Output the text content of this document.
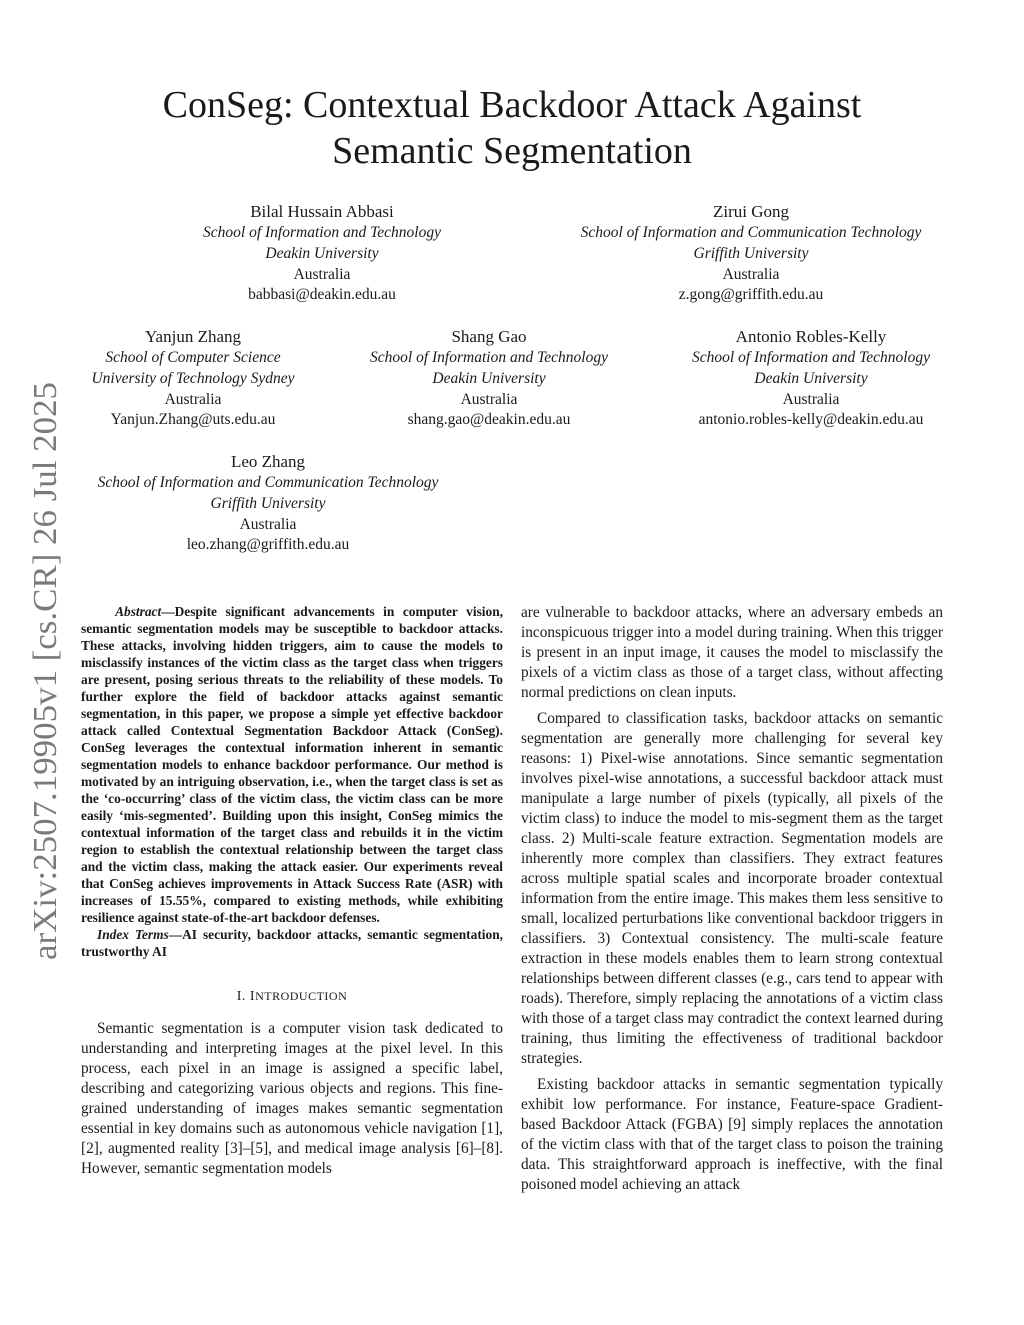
arXiv:2507.19905v1 [cs.CR] 26 Jul 2025
ConSeg: Contextual Backdoor Attack Against
Semantic Segmentation
Bilal Hussain Abbasi
School of Information and Technology
Deakin University
Australia
babbasi@deakin.edu.au
Zirui Gong
School of Information and Communication Technology
Griffith University
Australia
z.gong@griffith.edu.au
Yanjun Zhang
School of Computer Science
University of Technology Sydney
Australia
Yanjun.Zhang@uts.edu.au
Shang Gao
School of Information and Technology
Deakin University
Australia
shang.gao@deakin.edu.au
Antonio Robles-Kelly
School of Information and Technology
Deakin University
Australia
antonio.robles-kelly@deakin.edu.au
Leo Zhang
School of Information and Communication Technology
Griffith University
Australia
leo.zhang@griffith.edu.au

Abstract—Despite significant advancements in computer vision, semantic segmentation models may be susceptible to backdoor attacks. These attacks, involving hidden triggers, aim to cause the models to misclassify instances of the victim class as the target class when triggers are present, posing serious threats to the reliability of these models. To further explore the field of backdoor attacks against semantic segmentation, in this paper, we propose a simple yet effective backdoor attack called Contextual Segmentation Backdoor Attack (ConSeg). ConSeg leverages the contextual information inherent in semantic segmentation models to enhance backdoor performance. Our method is motivated by an intriguing observation, i.e., when the target class is set as the ‘co-occurring’ class of the victim class, the victim class can be more easily ‘mis-segmented’. Building upon this insight, ConSeg mimics the contextual information of the target class and rebuilds it in the victim region to establish the contextual relationship between the target class and the victim class, making the attack easier. Our experiments reveal that ConSeg achieves improvements in Attack Success Rate (ASR) with increases of 15.55%, compared to existing methods, while exhibiting resilience against state-of-the-art backdoor defenses.

Index Terms—AI security, backdoor attacks, semantic segmentation, trustworthy AI

I. INTRODUCTION

Semantic segmentation is a computer vision task dedicated to understanding and interpreting images at the pixel level. In this process, each pixel in an image is assigned a specific label, describing and categorizing various objects and regions. This fine-grained understanding of images makes semantic segmentation essential in key domains such as autonomous vehicle navigation [1], [2], augmented reality [3]–[5], and medical image analysis [6]–[8]. However, semantic segmentation models

are vulnerable to backdoor attacks, where an adversary embeds an inconspicuous trigger into a model during training. When this trigger is present in an input image, it causes the model to misclassify the pixels of a victim class as those of a target class, without affecting normal predictions on clean inputs.

Compared to classification tasks, backdoor attacks on semantic segmentation are generally more challenging for several key reasons: 1) Pixel-wise annotations. Since semantic segmentation involves pixel-wise annotations, a successful backdoor attack must manipulate a large number of pixels (typically, all pixels of the victim class) to induce the model to mis-segment them as the target class. 2) Multi-scale feature extraction. Segmentation models are inherently more complex than classifiers. They extract features across multiple spatial scales and incorporate broader contextual information from the entire image. This makes them less sensitive to small, localized perturbations like conventional backdoor triggers in classifiers. 3) Contextual consistency. The multi-scale feature extraction in these models enables them to learn strong contextual relationships between different classes (e.g., cars tend to appear with roads). Therefore, simply replacing the annotations of a victim class with those of a target class may contradict the context learned during training, thus limiting the effectiveness of traditional backdoor strategies.

Existing backdoor attacks in semantic segmentation typically exhibit low performance. For instance, Feature-space Gradient-based Backdoor Attack (FGBA) [9] simply replaces the annotation of the victim class with that of the target class to poison the training data. This straightforward approach is ineffective, with the final poisoned model achieving an attack
